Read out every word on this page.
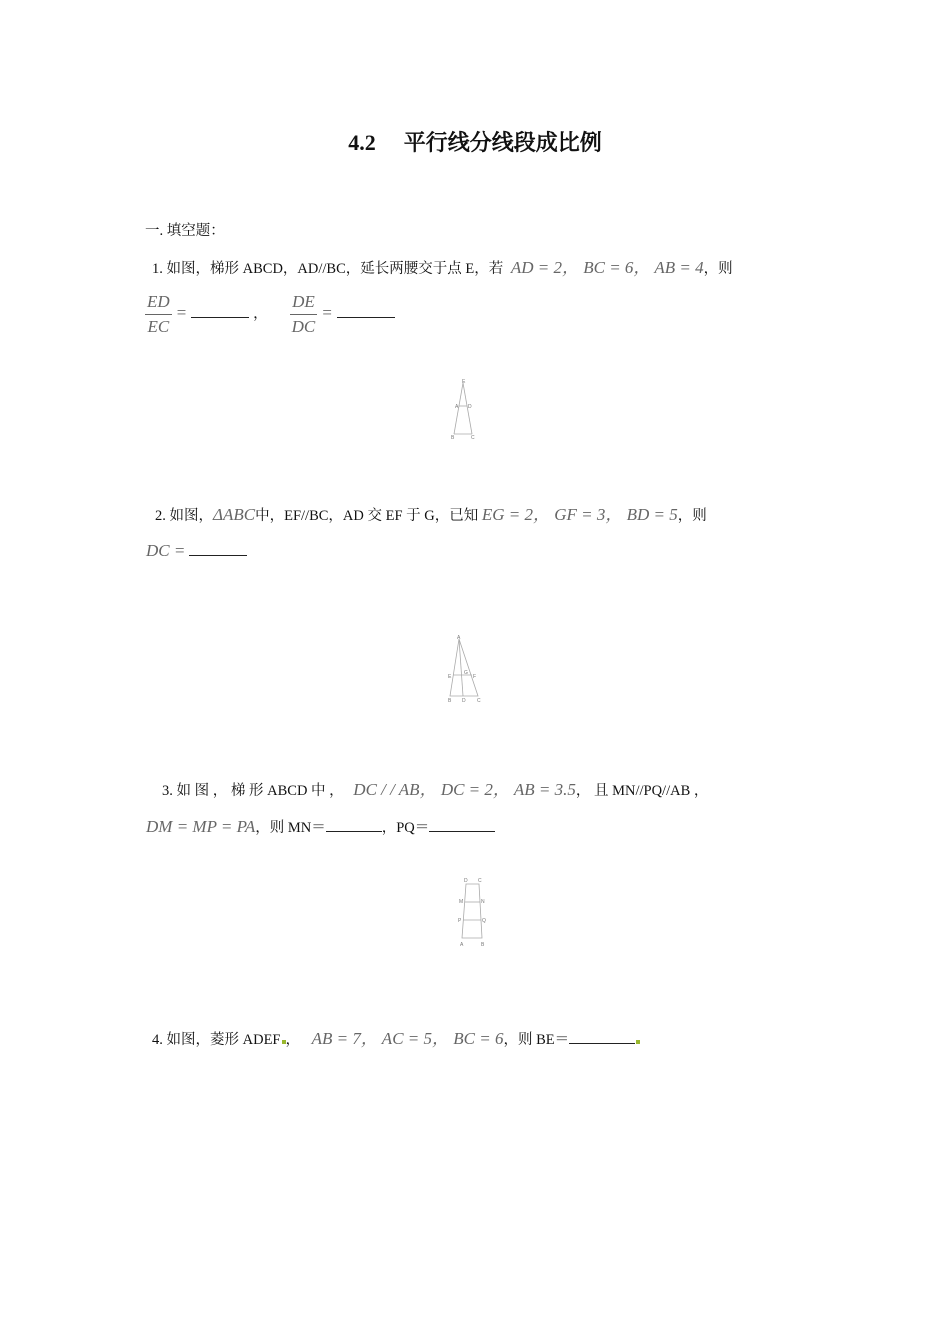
4.2 平行线分线段成比例
一. 填空题：
1. 如图，梯形 ABCD，AD//BC，延长两腰交于点 E，若 AD = 2， BC = 6， AB = 4，则
$\frac{ED}{EC}$ =	， $\frac{DE}{DC}$ =
E
A D
B	C
2. 如图，ΔABC中，EF//BC，AD 交 EF 于 G，已知 EG = 2， GF = 3， BD = 5，则
DC =
A
E
G
F
B D C
3. 如 图 ， 梯 形 ABCD 中 ， DC / / AB， DC = 2， AB = 3.5， 且 MN//PQ//AB ，
DM = MP = PA，则 MN＝	，PQ＝
D C
M	N
P	Q
A	B
4. 如图，菱形 ADEF ， AB = 7， AC = 5， BC = 6，则 BE＝
